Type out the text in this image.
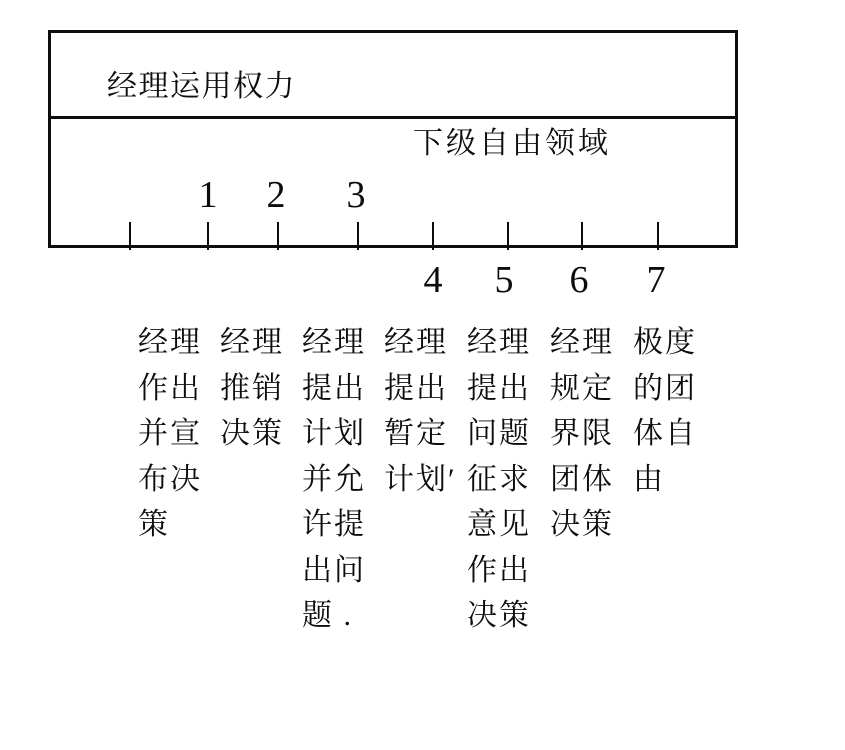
经理运用权力
下级自由领域
1 2 3
4 5 6 7
经理
作出
并宣
布决
策
经理
推销
决策
经理
提出
计划
并允
许提
出问
题 .
经理
提出
暂定
计划′
经理
提出
问题
征求
意见
作出
决策
经理
规定
界限
团体
决策
极度
的团
体自
由
